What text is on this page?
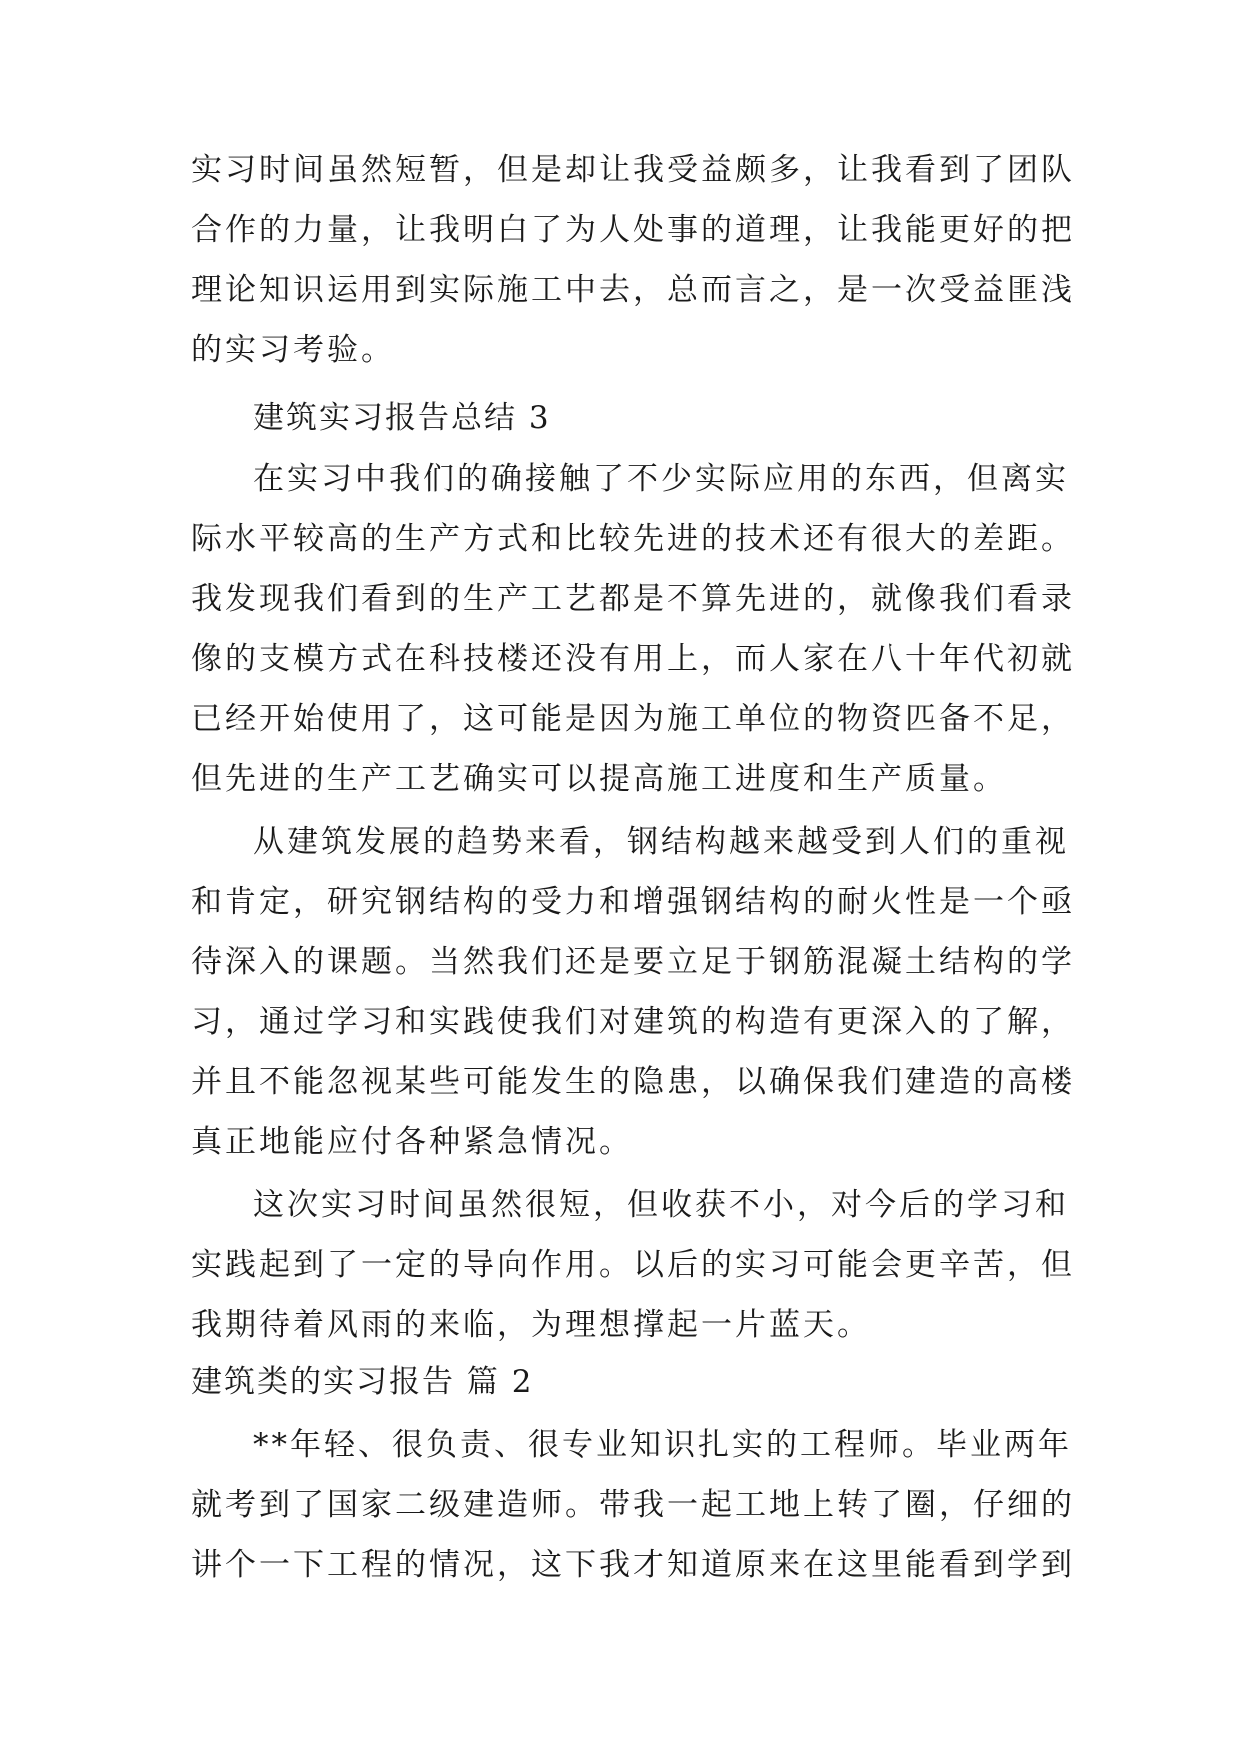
实习时间虽然短暂，但是却让我受益颇多，让我看到了团队

合作的力量，让我明白了为人处事的道理，让我能更好的把

理论知识运用到实际施工中去，总而言之，是一次受益匪浅

的实习考验。

建筑实习报告总结 3

在实习中我们的确接触了不少实际应用的东西，但离实

际水平较高的生产方式和比较先进的技术还有很大的差距。

我发现我们看到的生产工艺都是不算先进的，就像我们看录

像的支模方式在科技楼还没有用上，而人家在八十年代初就

已经开始使用了，这可能是因为施工单位的物资匹备不足，

但先进的生产工艺确实可以提高施工进度和生产质量。

从建筑发展的趋势来看，钢结构越来越受到人们的重视

和肯定，研究钢结构的受力和增强钢结构的耐火性是一个亟

待深入的课题。当然我们还是要立足于钢筋混凝土结构的学

习，通过学习和实践使我们对建筑的构造有更深入的了解，

并且不能忽视某些可能发生的隐患，以确保我们建造的高楼

真正地能应付各种紧急情况。

这次实习时间虽然很短，但收获不小，对今后的学习和

实践起到了一定的导向作用。以后的实习可能会更辛苦，但

我期待着风雨的来临，为理想撑起一片蓝天。

建筑类的实习报告 篇 2

**年轻、很负责、很专业知识扎实的工程师。毕业两年

就考到了国家二级建造师。带我一起工地上转了圈，仔细的

讲个一下工程的情况，这下我才知道原来在这里能看到学到
